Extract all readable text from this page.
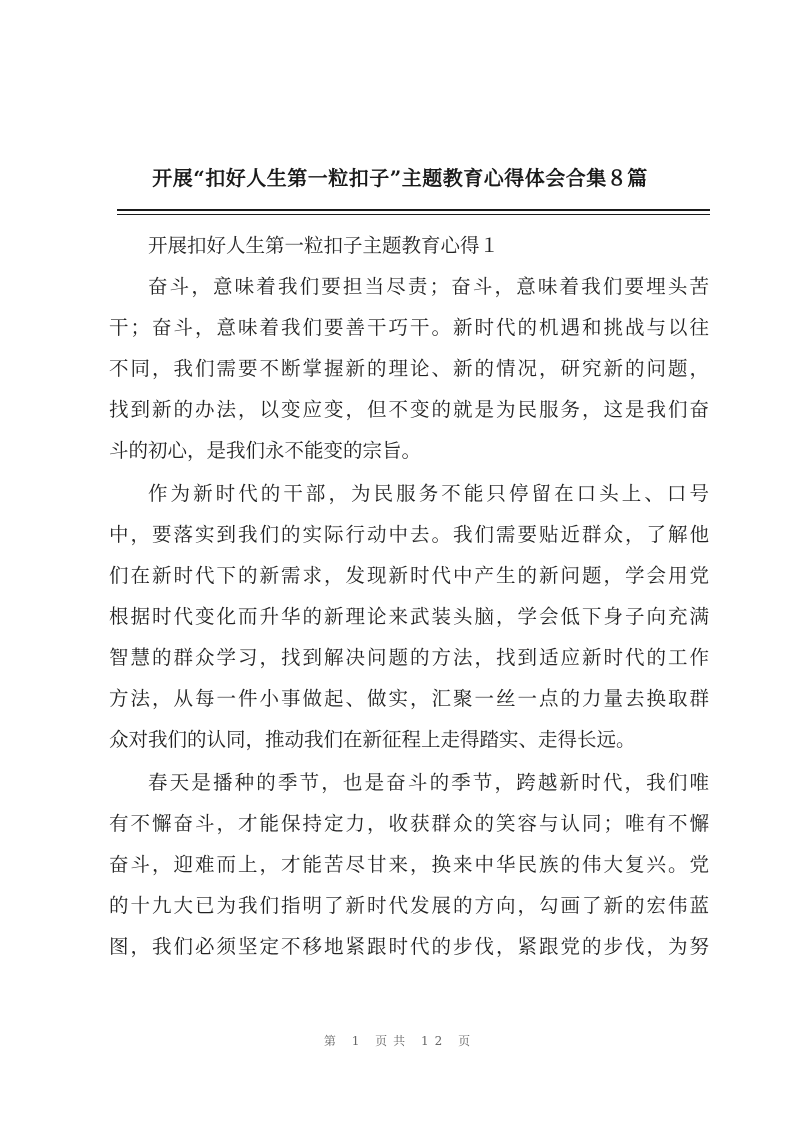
开展“扣好人生第一粒扣子”主题教育心得体会合集８篇
开展扣好人生第一粒扣子主题教育心得１
奋斗，意味着我们要担当尽责；奋斗，意味着我们要埋头苦
干；奋斗，意味着我们要善干巧干。新时代的机遇和挑战与以往
不同，我们需要不断掌握新的理论、新的情况，研究新的问题，
找到新的办法，以变应变，但不变的就是为民服务，这是我们奋
斗的初心，是我们永不能变的宗旨。
作为新时代的干部，为民服务不能只停留在口头上、口号
中，要落实到我们的实际行动中去。我们需要贴近群众，了解他
们在新时代下的新需求，发现新时代中产生的新问题，学会用党
根据时代变化而升华的新理论来武装头脑，学会低下身子向充满
智慧的群众学习，找到解决问题的方法，找到适应新时代的工作
方法，从每一件小事做起、做实，汇聚一丝一点的力量去换取群
众对我们的认同，推动我们在新征程上走得踏实、走得长远。
春天是播种的季节，也是奋斗的季节，跨越新时代，我们唯
有不懈奋斗，才能保持定力，收获群众的笑容与认同；唯有不懈
奋斗，迎难而上，才能苦尽甘来，换来中华民族的伟大复兴。党
的十九大已为我们指明了新时代发展的方向，勾画了新的宏伟蓝
图，我们必须坚定不移地紧跟时代的步伐，紧跟党的步伐，为努
第 1 页共 12 页
